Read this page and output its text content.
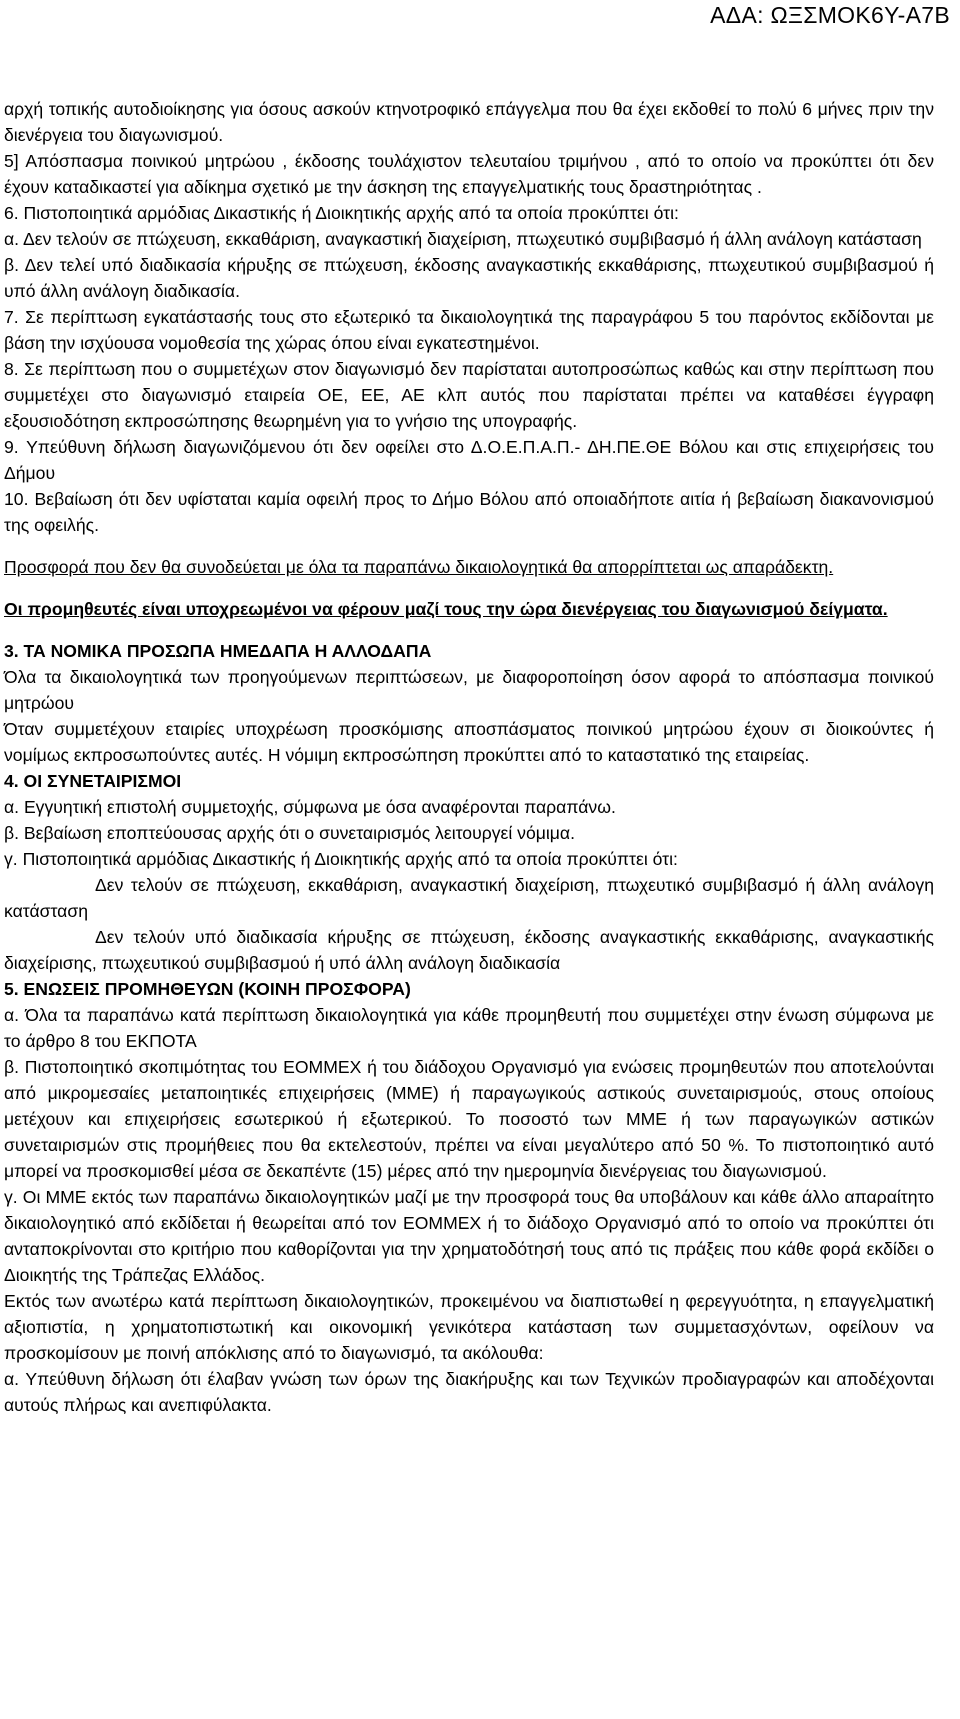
ΑΔΑ: ΩΞΣΜΟΚ6Υ-Α7Β

αρχή τοπικής αυτοδιοίκησης για όσους ασκούν κτηνοτροφικό επάγγελμα που θα έχει εκδοθεί το πολύ 6 μήνες πριν την διενέργεια του διαγωνισμού.

5] Απόσπασμα ποινικού μητρώου , έκδοσης τουλάχιστον τελευταίου τριμήνου , από το οποίο να προκύπτει ότι δεν έχουν καταδικαστεί για αδίκημα σχετικό με την άσκηση της επαγγελματικής τους δραστηριότητας .

6. Πιστοποιητικά αρμόδιας Δικαστικής ή Διοικητικής αρχής από τα οποία προκύπτει ότι:

α. Δεν τελούν σε πτώχευση, εκκαθάριση, αναγκαστική διαχείριση, πτωχευτικό συμβιβασμό ή άλλη ανάλογη κατάσταση

β. Δεν τελεί υπό διαδικασία κήρυξης σε πτώχευση, έκδοσης αναγκαστικής εκκαθάρισης, πτωχευτικού συμβιβασμού ή υπό άλλη ανάλογη διαδικασία.

7. Σε περίπτωση εγκατάστασής τους στο εξωτερικό τα δικαιολογητικά της παραγράφου 5 του παρόντος εκδίδονται με βάση την ισχύουσα νομοθεσία της χώρας όπου είναι εγκατεστημένοι.

8. Σε περίπτωση που ο συμμετέχων στον διαγωνισμό δεν παρίσταται αυτοπροσώπως καθώς και στην περίπτωση που συμμετέχει στο διαγωνισμό εταιρεία ΟΕ, ΕΕ, ΑΕ κλπ αυτός που παρίσταται πρέπει να καταθέσει έγγραφη εξουσιοδότηση εκπροσώπησης θεωρημένη για το γνήσιο της υπογραφής.

9. Υπεύθυνη δήλωση διαγωνιζόμενου ότι δεν οφείλει στο Δ.Ο.Ε.Π.Α.Π.- ΔΗ.ΠΕ.ΘΕ Βόλου και στις επιχειρήσεις του Δήμου

10. Βεβαίωση ότι δεν υφίσταται καμία οφειλή προς το Δήμο Βόλου από οποιαδήποτε αιτία ή βεβαίωση διακανονισμού της οφειλής.

Προσφορά που δεν θα συνοδεύεται με όλα τα παραπάνω δικαιολογητικά θα απορρίπτεται ως απαράδεκτη.

Οι προμηθευτές είναι υποχρεωμένοι να φέρουν μαζί τους την ώρα διενέργειας του διαγωνισμού δείγματα.

3. ΤΑ ΝΟΜΙΚΑ ΠΡΟΣΩΠΑ ΗΜΕΔΑΠΑ Η ΑΛΛΟΔΑΠΑ

Όλα τα δικαιολογητικά των προηγούμενων περιπτώσεων, με διαφοροποίηση όσον αφορά το απόσπασμα ποινικού μητρώου

Όταν συμμετέχουν εταιρίες υποχρέωση προσκόμισης αποσπάσματος ποινικού μητρώου έχουν σι διοικούντες ή νομίμως εκπροσωπούντες αυτές. Η νόμιμη εκπροσώπηση προκύπτει από το καταστατικό της εταιρείας.

4. ΟΙ ΣΥΝΕΤΑΙΡΙΣΜΟΙ

α. Εγγυητική επιστολή συμμετοχής, σύμφωνα με όσα αναφέρονται παραπάνω.

β. Βεβαίωση εποπτεύουσας αρχής ότι ο συνεταιρισμός λειτουργεί νόμιμα.

γ. Πιστοποιητικά αρμόδιας Δικαστικής ή Διοικητικής αρχής από τα οποία προκύπτει ότι:

Δεν τελούν σε πτώχευση, εκκαθάριση, αναγκαστική διαχείριση, πτωχευτικό συμβιβασμό ή άλλη ανάλογη κατάσταση

Δεν τελούν υπό διαδικασία κήρυξης σε πτώχευση, έκδοσης αναγκαστικής εκκαθάρισης, αναγκαστικής διαχείρισης, πτωχευτικού συμβιβασμού ή υπό άλλη ανάλογη διαδικασία

5. ΕΝΩΣΕΙΣ ΠΡΟΜΗΘΕΥΩΝ (ΚΟΙΝΗ ΠΡΟΣΦΟΡΑ)

α. Όλα τα παραπάνω κατά περίπτωση δικαιολογητικά για κάθε προμηθευτή που συμμετέχει στην ένωση σύμφωνα με το άρθρο 8 του ΕΚΠΟΤΑ

β. Πιστοποιητικό σκοπιμότητας του ΕΟΜΜΕΧ ή του διάδοχου Οργανισμό για ενώσεις προμηθευτών που αποτελούνται από μικρομεσαίες μεταποιητικές επιχειρήσεις (ΜΜΕ) ή παραγωγικούς αστικούς συνεταιρισμούς, στους οποίους μετέχουν και επιχειρήσεις εσωτερικού ή εξωτερικού. Το ποσοστό των ΜΜΕ ή των παραγωγικών αστικών συνεταιρισμών στις προμήθειες που θα εκτελεστούν, πρέπει να είναι μεγαλύτερο από 50 %. Το πιστοποιητικό αυτό μπορεί να προσκομισθεί μέσα σε δεκαπέντε (15) μέρες από την ημερομηνία διενέργειας του διαγωνισμού.

γ. Οι ΜΜΕ εκτός των παραπάνω δικαιολογητικών μαζί με την προσφορά τους θα υποβάλουν και κάθε άλλο απαραίτητο δικαιολογητικό από εκδίδεται ή θεωρείται από τον ΕΟΜΜΕΧ ή το διάδοχο Οργανισμό από το οποίο να προκύπτει ότι ανταποκρίνονται στο κριτήριο που καθορίζονται για την χρηματοδότησή τους από τις πράξεις που κάθε φορά εκδίδει ο Διοικητής της Τράπεζας Ελλάδος.

Εκτός των ανωτέρω κατά περίπτωση δικαιολογητικών, προκειμένου να διαπιστωθεί η φερεγγυότητα, η επαγγελματική αξιοπιστία, η χρηματοπιστωτική και οικονομική γενικότερα κατάσταση των συμμετασχόντων, οφείλουν να προσκομίσουν με ποινή απόκλισης από το διαγωνισμό, τα ακόλουθα:

α. Υπεύθυνη δήλωση ότι έλαβαν γνώση των όρων της διακήρυξης και των Τεχνικών προδιαγραφών και αποδέχονται αυτούς πλήρως και ανεπιφύλακτα.
